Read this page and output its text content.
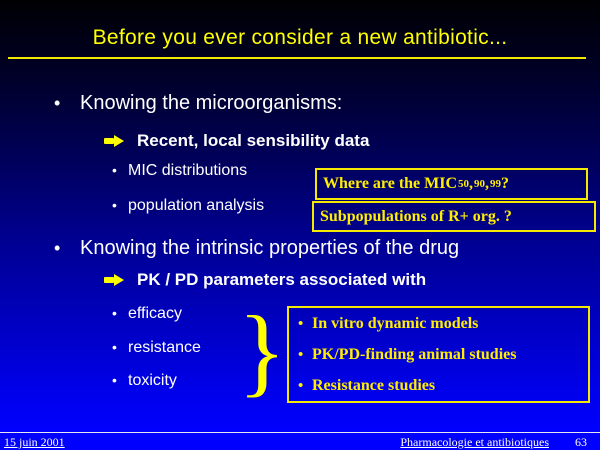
Before you ever consider a new antibiotic...
• Knowing the microorganisms:
Recent, local sensibility data
• MIC distributions
• population analysis
Where are the MIC 50 , 90 , 99 ?
Subpopulations of R+ org. ?
• Knowing the intrinsic properties of the drug
PK / PD parameters associated with
• efficacy
• resistance
• toxicity } • In vitro dynamic models
• PK/PD-finding animal studies
• Resistance studies
15 juin 2001	Pharmacologie et antibiotiques 63
